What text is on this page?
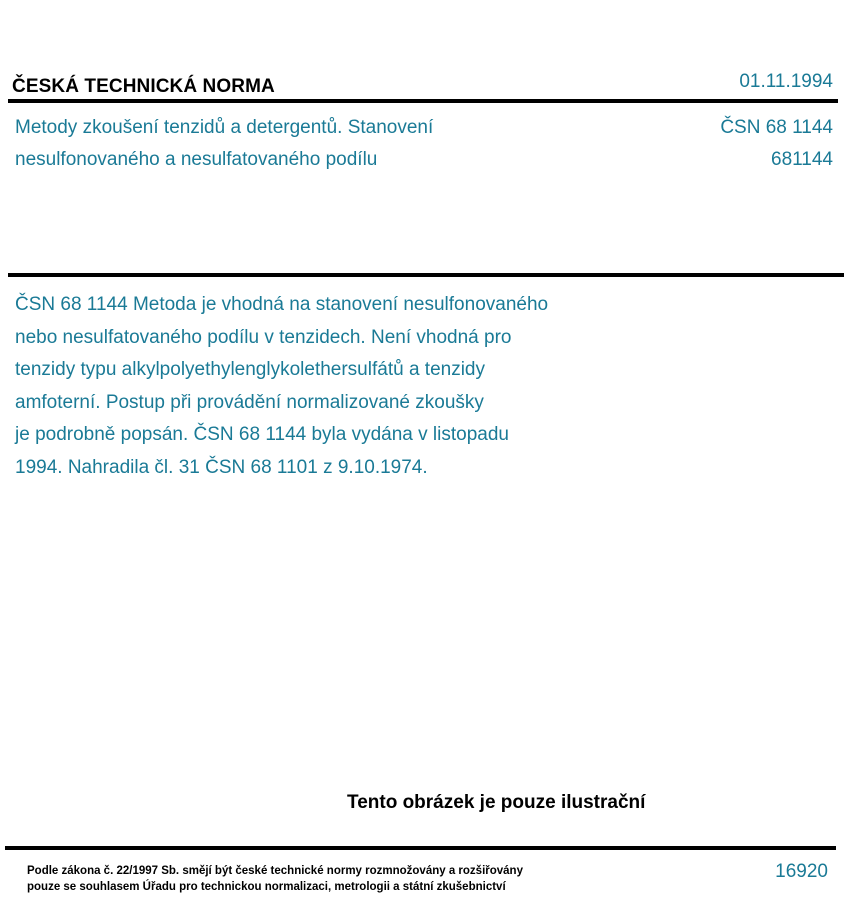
ČESKÁ TECHNICKÁ NORMA	01.11.1994
Metody zkoušení tenzidů a detergentů. Stanovení
nesulfonovaného a nesulfatovaného podílu
ČSN 68 1144
681144
ČSN 68 1144 Metoda je vhodná na stanovení nesulfonovaného
nebo nesulfatovaného podílu v tenzidech. Není vhodná pro
tenzidy typu alkylpolyethylenglykolethersulfátů a tenzidy
amfoterní. Postup při provádění normalizované zkoušky
je podrobně popsán. ČSN 68 1144 byla vydána v listopadu
1994. Nahradila čl. 31 ČSN 68 1101 z 9.10.1974.
Tento obrázek je pouze ilustrační
Podle zákona č. 22/1997 Sb. smějí být české technické normy rozmnožovány a rozšiřovány
pouze se souhlasem Úřadu pro technickou normalizaci, metrologii a státní zkušebnictví
16920
